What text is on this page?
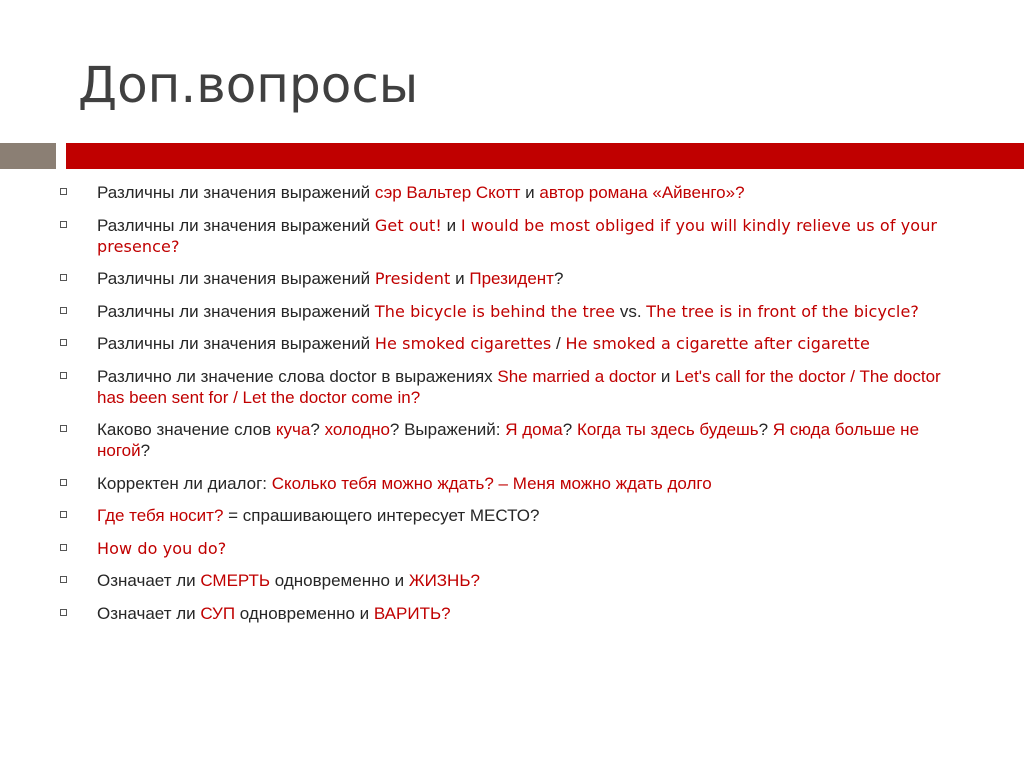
Доп.вопросы
Различны ли значения выражений сэр Вальтер Скотт и автор романа «Айвенго»?
Различны ли значения выражений Get out! и I would be most obliged if you will kindly relieve us of your presence?
Различны ли значения выражений President и Президент?
Различны ли значения выражений The bicycle is behind the tree vs. The tree is in front of the bicycle?
Различны ли значения выражений He smoked cigarettes / He smoked a cigarette after cigarette
Различно ли значение слова doctor в выражениях She married a doctor и Let's call for the doctor / The doctor has been sent for / Let the doctor come in?
Каково значение слов куча? холодно? Выражений: Я дома? Когда ты здесь будешь? Я сюда больше не ногой?
Корректен ли диалог: Сколько тебя можно ждать? – Меня можно ждать долго
Где тебя носит? = спрашивающего интересует МЕСТО?
How do you do?
Означает ли СМЕРТЬ одновременно и ЖИЗНЬ?
Означает ли СУП одновременно и ВАРИТЬ?
